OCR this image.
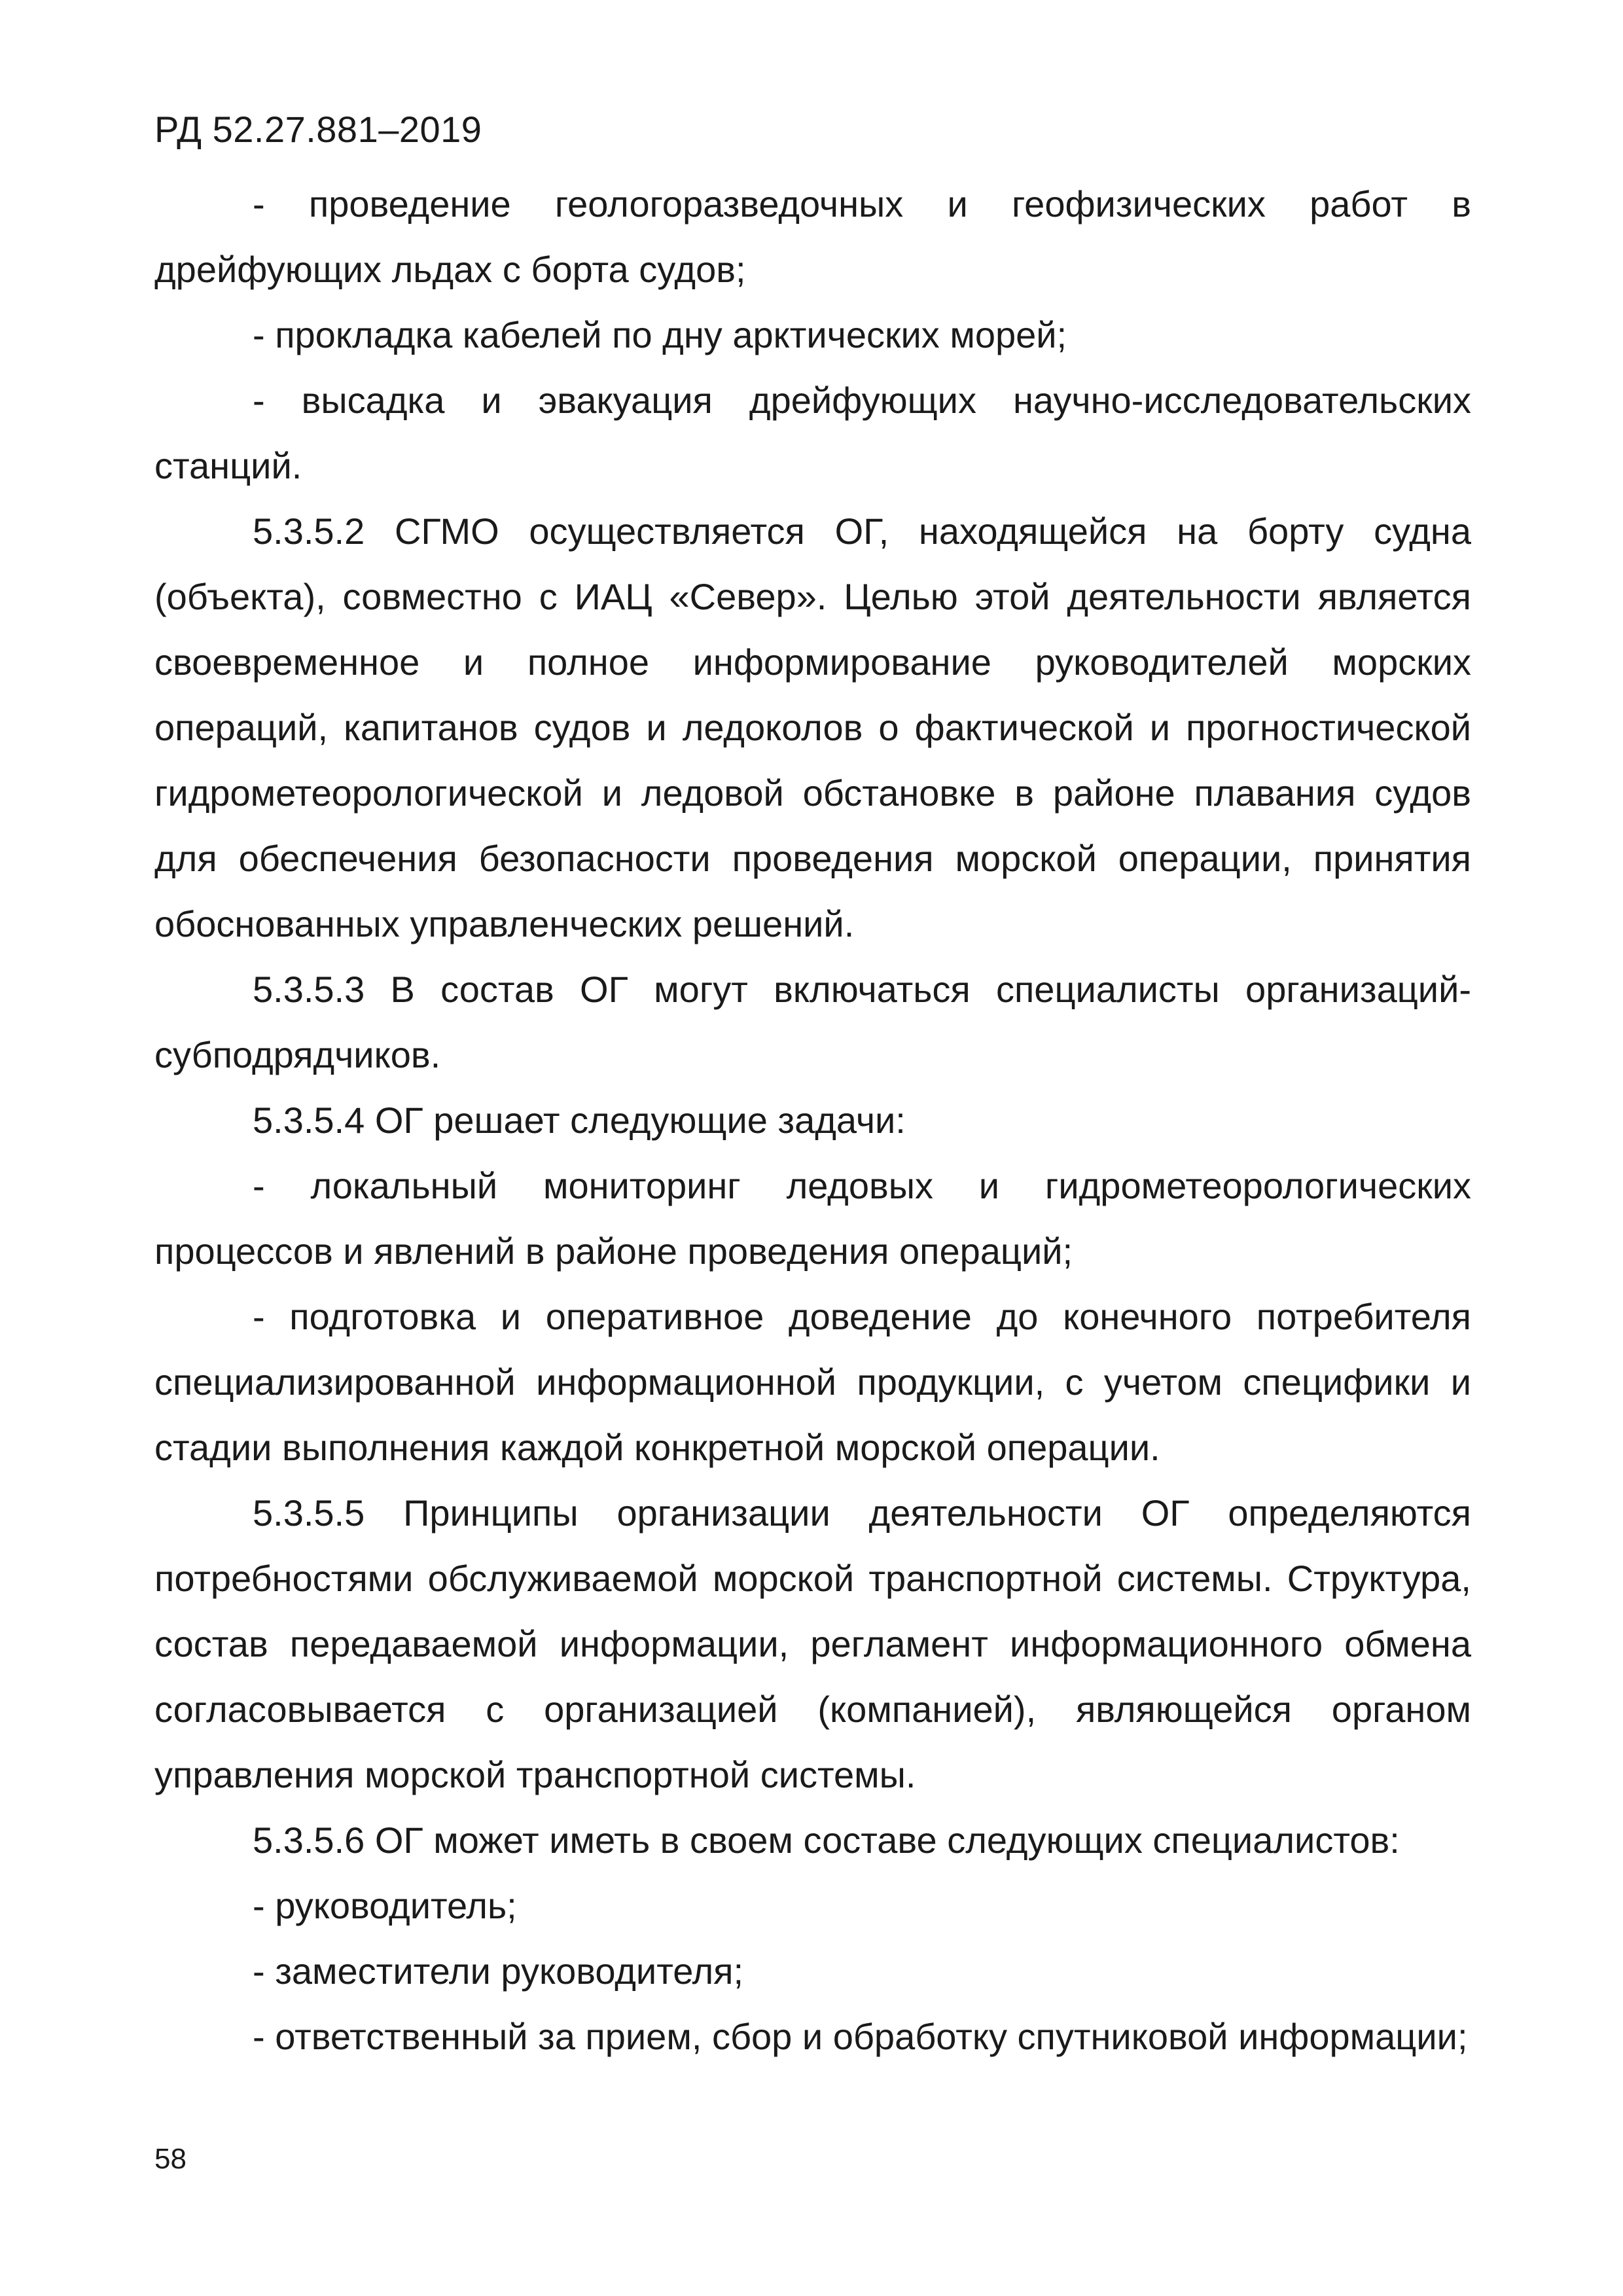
РД 52.27.881–2019

- проведение геологоразведочных и геофизических работ в дрейфующих льдах с борта судов;

- прокладка кабелей по дну арктических морей;

- высадка и эвакуация дрейфующих научно-исследовательских станций.

5.3.5.2 СГМО осуществляется ОГ, находящейся на борту судна (объекта), совместно с ИАЦ «Север». Целью этой деятельности является своевременное и полное информирование руководителей морских операций, капитанов судов и ледоколов о фактической и прогностической гидрометеорологической и ледовой обстановке в районе плавания судов для обеспечения безопасности проведения морской операции, принятия обоснованных управленческих решений.

5.3.5.3 В состав ОГ могут включаться специалисты организаций-субподрядчиков.

5.3.5.4 ОГ решает следующие задачи:

- локальный мониторинг ледовых и гидрометеорологических процессов и явлений в районе проведения операций;

- подготовка и оперативное доведение до конечного потребителя специализированной информационной продукции, с учетом специфики и стадии выполнения каждой конкретной морской операции.

5.3.5.5 Принципы организации деятельности ОГ определяются потребностями обслуживаемой морской транспортной системы. Структура, состав передаваемой информации, регламент информационного обмена согласовывается с организацией (компанией), являющейся органом управления морской транспортной системы.

5.3.5.6 ОГ может иметь в своем составе следующих специалистов:

- руководитель;

- заместители руководителя;

- ответственный за прием, сбор и обработку спутниковой информации;

58
